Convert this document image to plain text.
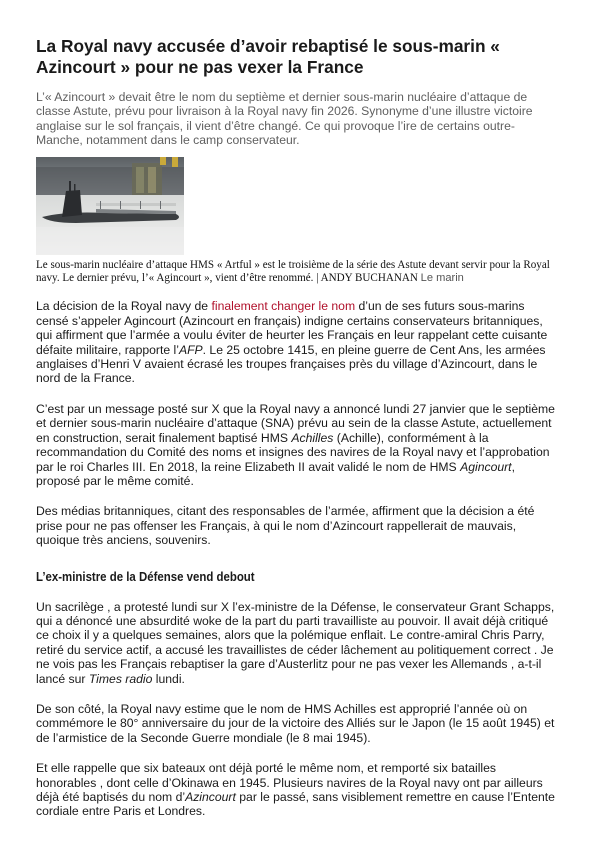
La Royal navy accusée d’avoir rebaptisé le sous-marin « Azincourt » pour ne pas vexer la France

L’« Azincourt » devait être le nom du septième et dernier sous-marin nucléaire d’attaque de classe Astute, prévu pour livraison à la Royal navy fin 2026. Synonyme d’une illustre victoire anglaise sur le sol français, il vient d’être changé. Ce qui provoque l’ire de certains outre-Manche, notamment dans le camp conservateur.

Le sous-marin nucléaire d’attaque HMS « Artful » est le troisième de la série des Astute devant servir pour la Royal navy. Le dernier prévu, l’« Agincourt », vient d’être renommé. | ANDY BUCHANAN Le marin

La décision de la Royal navy de finalement changer le nom d’un de ses futurs sous-marins censé s’appeler Agincourt (Azincourt en français) indigne certains conservateurs britanniques, qui affirment que l’armée a voulu éviter de heurter les Français en leur rappelant cette cuisante défaite militaire, rapporte l’AFP. Le 25 octobre 1415, en pleine guerre de Cent Ans, les armées anglaises d’Henri V avaient écrasé les troupes françaises près du village d’Azincourt, dans le nord de la France.

C’est par un message posté sur X que la Royal navy a annoncé lundi 27 janvier que le septième et dernier sous-marin nucléaire d’attaque (SNA) prévu au sein de la classe Astute, actuellement en construction, serait finalement baptisé HMS Achilles (Achille), conformément à la recommandation du Comité des noms et insignes des navires de la Royal navy et l’approbation par le roi Charles III. En 2018, la reine Elizabeth II avait validé le nom de HMS Agincourt, proposé par le même comité.

Des médias britanniques, citant des responsables de l’armée, affirment que la décision a été prise pour ne pas offenser les Français, à qui le nom d’Azincourt rappellerait de mauvais, quoique très anciens, souvenirs.

L’ex-ministre de la Défense vend debout

Un sacrilège , a protesté lundi sur X l’ex-ministre de la Défense, le conservateur Grant Schapps, qui a dénoncé une absurdité woke de la part du parti travailliste au pouvoir. Il avait déjà critiqué ce choix il y a quelques semaines, alors que la polémique enflait. Le contre-amiral Chris Parry, retiré du service actif, a accusé les travaillistes de céder lâchement au politiquement correct . Je ne vois pas les Français rebaptiser la gare d’Austerlitz pour ne pas vexer les Allemands , a-t-il lancé sur Times radio lundi.

De son côté, la Royal navy estime que le nom de HMS Achilles est approprié l’année où on commémore le 80° anniversaire du jour de la victoire des Alliés sur le Japon (le 15 août 1945) et de l’armistice de la Seconde Guerre mondiale (le 8 mai 1945).

Et elle rappelle que six bateaux ont déjà porté le même nom, et remporté six batailles honorables , dont celle d’Okinawa en 1945. Plusieurs navires de la Royal navy ont par ailleurs déjà été baptisés du nom d’Azincourt par le passé, sans visiblement remettre en cause l’Entente cordiale entre Paris et Londres.
